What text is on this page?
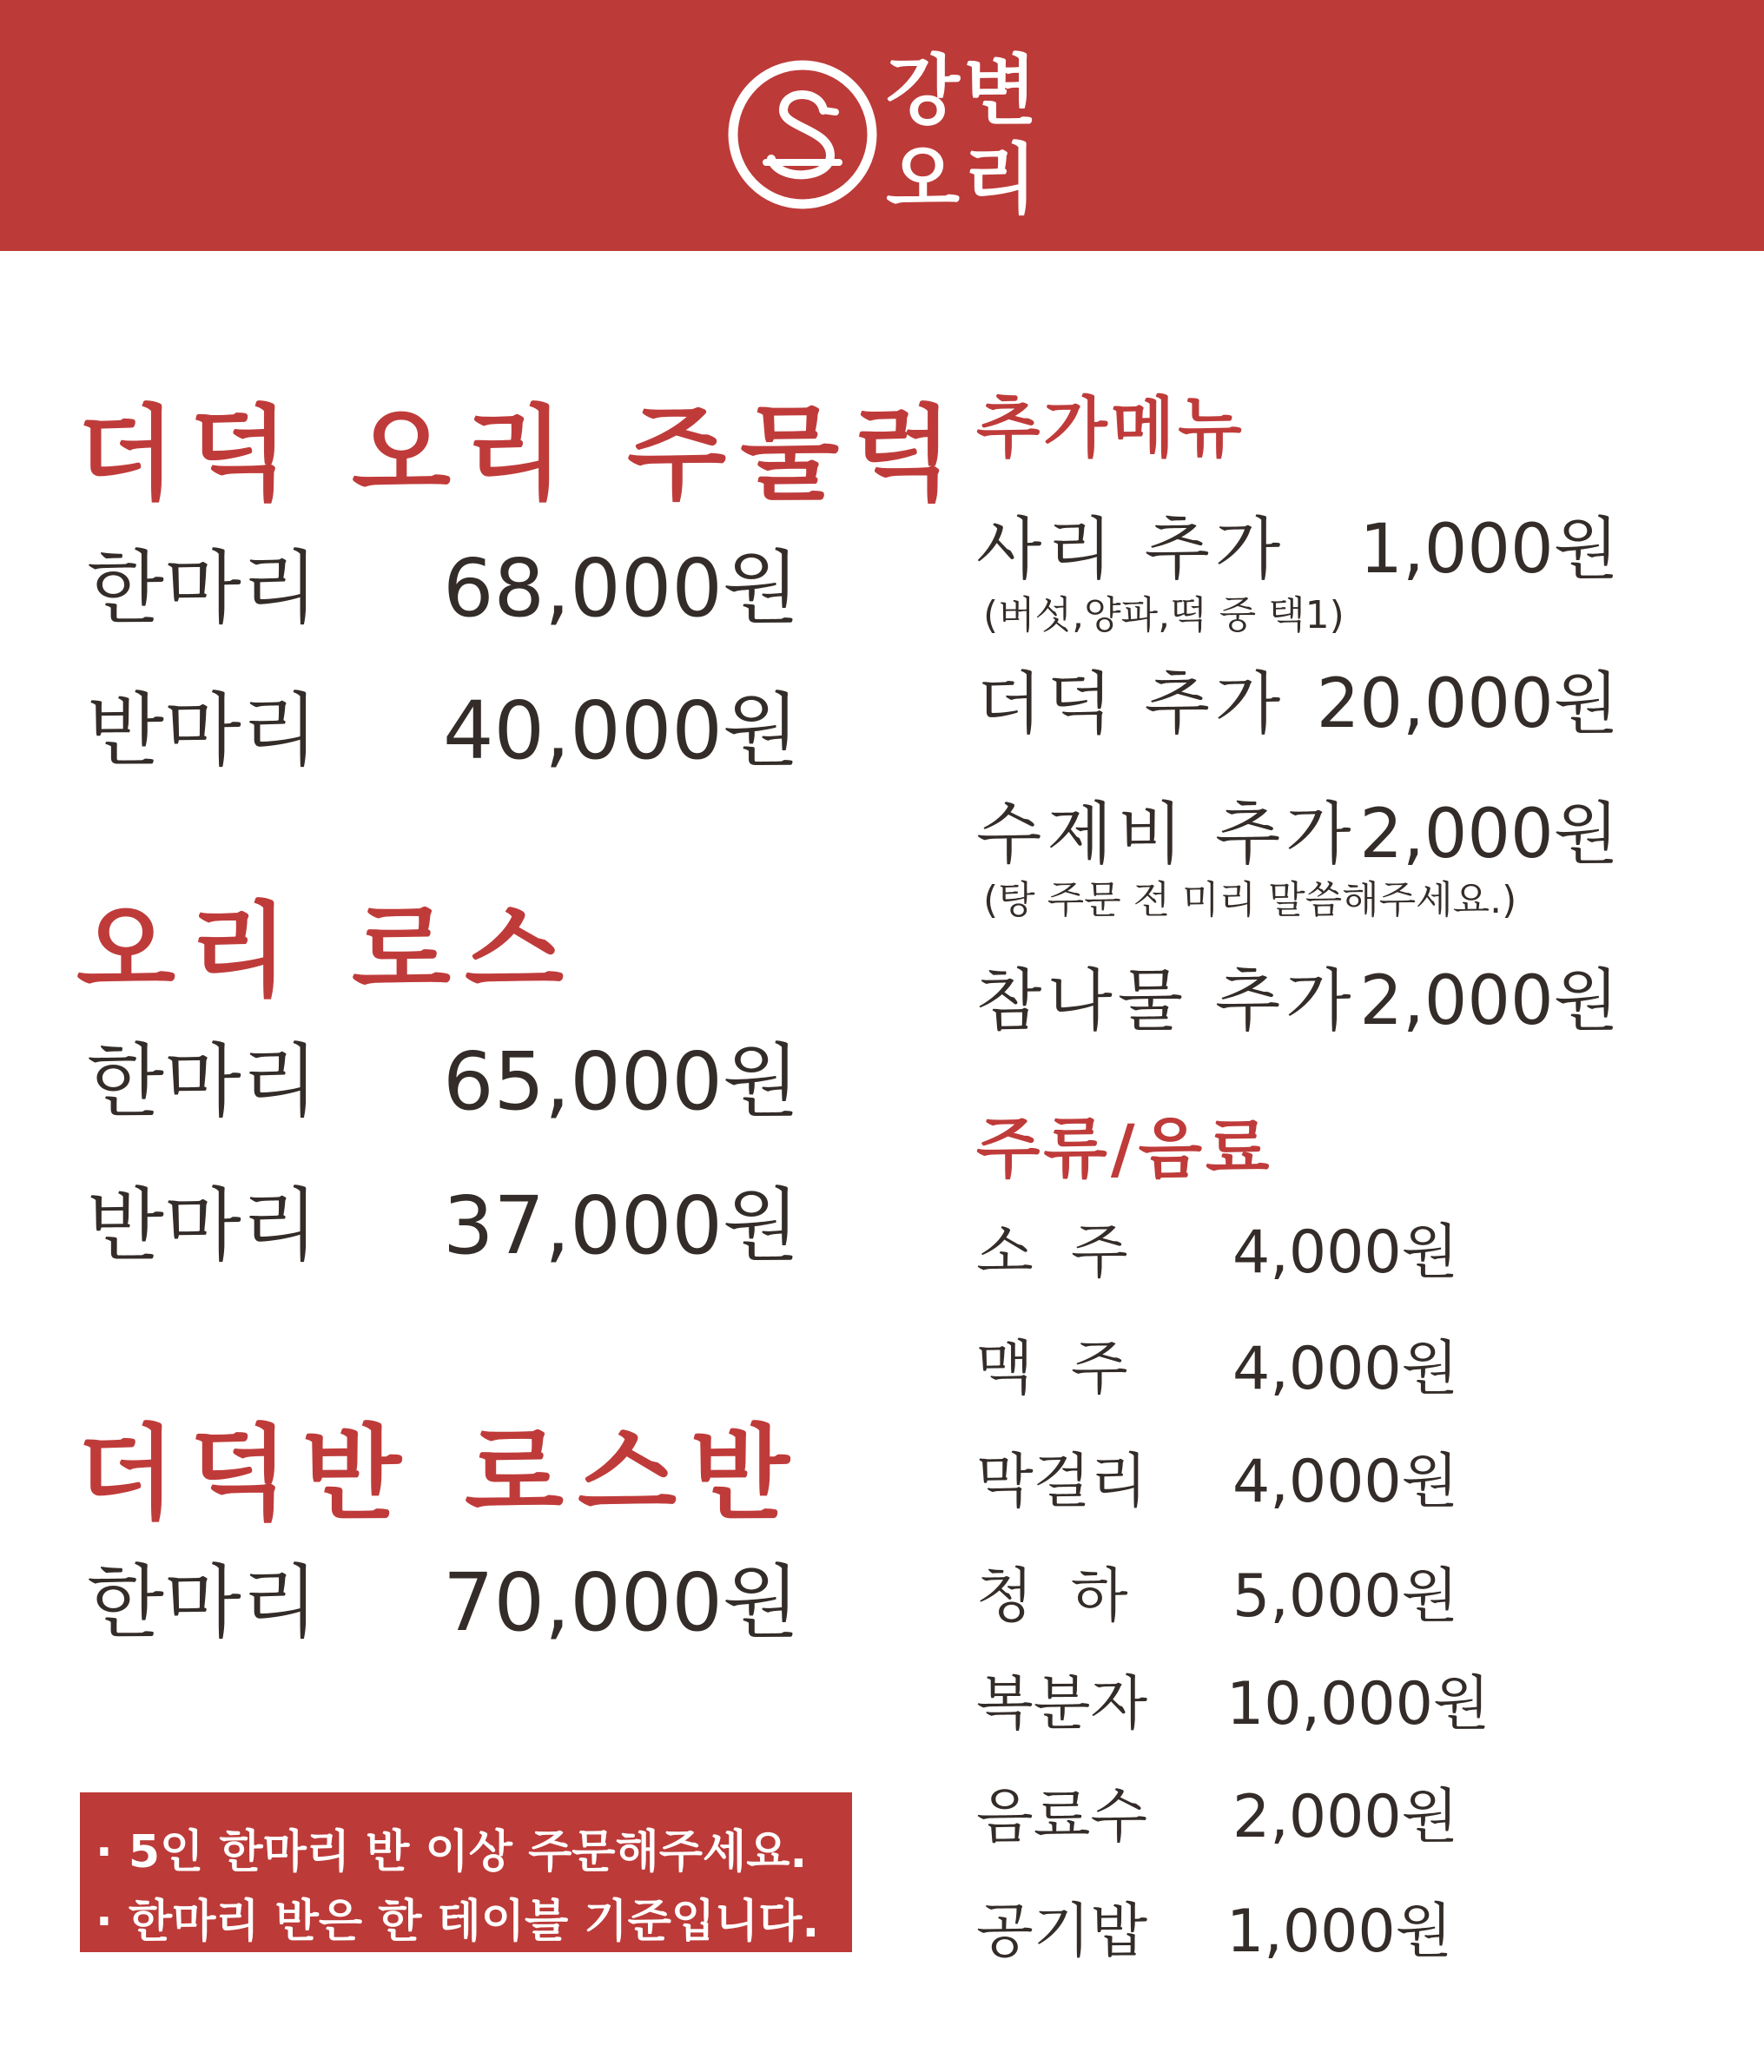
강변
오리
더덕 오리 주물럭
한마리 68,000원
반마리 40,000원
오리 로스
한마리 65,000원
반마리 37,000원
더덕반 로스반
한마리 70,000원
· 5인 한마리 반 이상 주문해주세요.
· 한마리 반은 한 테이블 기준입니다.
추가메뉴
사리 추가 1,000원
(버섯,양파,떡 중 택1)
더덕 추가 20,000원
수제비 추가 2,000원
(탕 주문 전 미리 말씀해주세요.)
참나물 추가 2,000원
주류/음료
소  주 4,000원
맥  주 4,000원
막걸리 4,000원
청  하 5,000원
복분자 10,000원
음료수 2,000원
공기밥 1,000원
